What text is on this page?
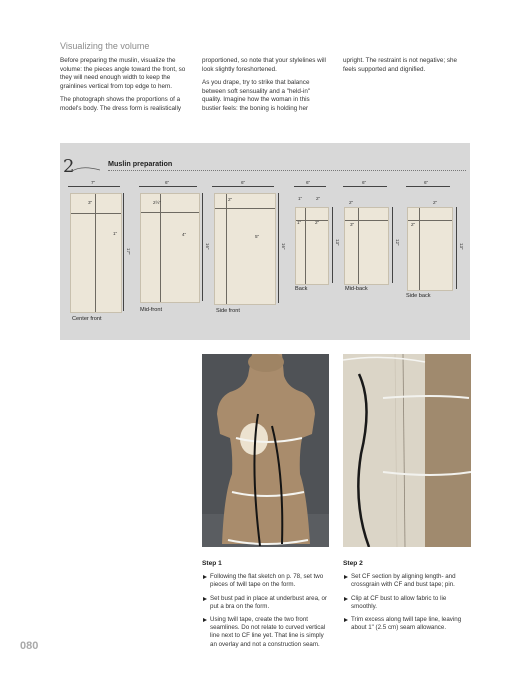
Visualizing the volume

Before preparing the muslin, visualize the volume: the pieces angle toward the front, so they will need enough width to keep the grainlines vertical from top edge to hem.

The photograph shows the proportions of a model's body. The dress form is realistically

proportioned, so note that your stylelines will look slightly foreshortened.

As you drape, try to strike that balance between soft sensuality and a "held-in" quality. Imagine how the woman in this bustier feels: the boning is holding her

upright. The restraint is not negative; she feels supported and dignified.

2	Muslin preparation
7"
3"
1"
17"
Center front
6"
2½"
4"
16"
Mid-front
6"
2"
5"
16"
Side front
6"
1"	2"
1"	2"
13"
Back
6"
2"
3"
12"
Mid-back
6"
2"
2"
13"
Side back
Step 1
Following the flat sketch on p. 78, set two pieces of twill tape on the form.
Set bust pad in place at underbust area, or put a bra on the form.
Using twill tape, create the two front seamlines. Do not relate to curved vertical line next to CF line yet. That line is simply an overlay and not a construction seam.
Step 2
Set CF section by aligning length- and crossgrain with CF and bust tape; pin.
Clip at CF bust to allow fabric to lie smoothly.
Trim excess along twill tape line, leaving about 1" (2.5 cm) seam allowance.
080
